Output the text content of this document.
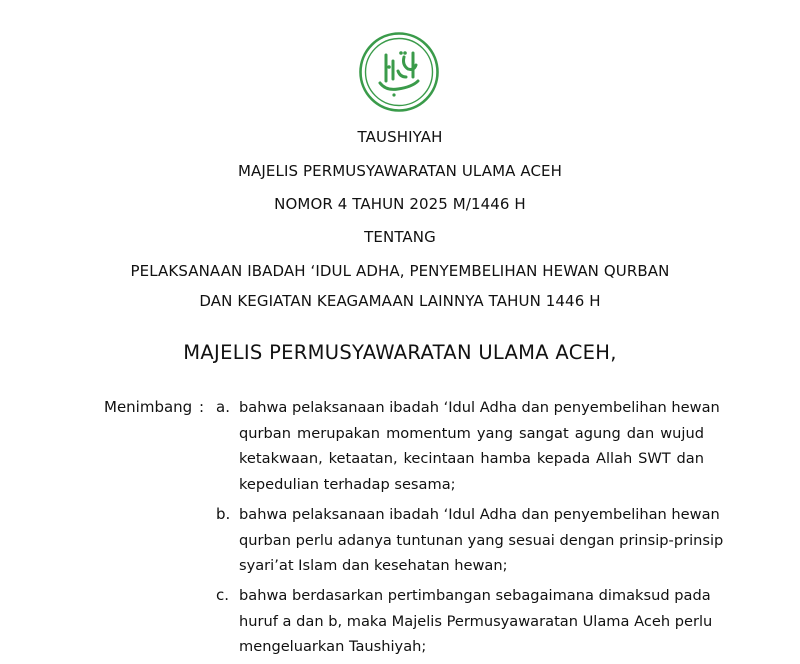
TAUSHIYAH
MAJELIS PERMUSYAWARATAN ULAMA ACEH
NOMOR 4 TAHUN 2025 M/1446 H
TENTANG
PELAKSANAAN IBADAH ‘IDUL ADHA, PENYEMBELIHAN HEWAN QURBAN
DAN KEGIATAN KEAGAMAAN LAINNYA TAHUN 1446 H
MAJELIS PERMUSYAWARATAN ULAMA ACEH,
Menimbang : a. bahwa pelaksanaan ibadah ‘Idul Adha dan penyembelihan hewan
qurban merupakan momentum yang sangat agung dan wujud
ketakwaan, ketaatan, kecintaan hamba kepada Allah SWT dan
kepedulian terhadap sesama;
b. bahwa pelaksanaan ibadah ‘Idul Adha dan penyembelihan hewan
qurban perlu adanya tuntunan yang sesuai dengan prinsip-prinsip
syari’at Islam dan kesehatan hewan;
c. bahwa berdasarkan pertimbangan sebagaimana dimaksud pada
huruf a dan b, maka Majelis Permusyawaratan Ulama Aceh perlu
mengeluarkan Taushiyah;
